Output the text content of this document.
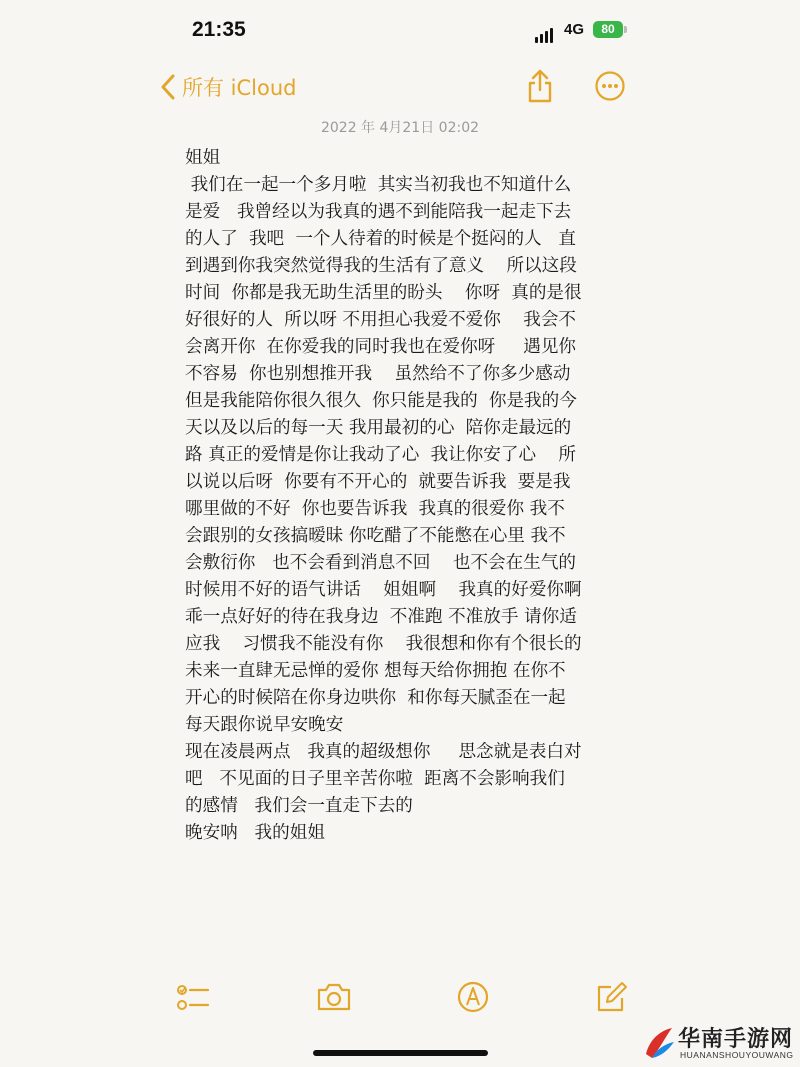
21:35	4G	80
所有 iCloud
2022 年 4月21日 02:02
姐姐
我们在一起一个多月啦  其实当初我也不知道什么
是爱   我曾经以为我真的遇不到能陪我一起走下去
的人了  我吧  一个人待着的时候是个挺闷的人   直
到遇到你我突然觉得我的生活有了意义    所以这段
时间  你都是我无助生活里的盼头    你呀  真的是很
好很好的人  所以呀 不用担心我爱不爱你    我会不
会离开你  在你爱我的同时我也在爱你呀     遇见你
不容易  你也别想推开我    虽然给不了你多少感动
但是我能陪你很久很久  你只能是我的  你是我的今
天以及以后的每一天 我用最初的心  陪你走最远的
路 真正的爱情是你让我动了心  我让你安了心    所
以说以后呀  你要有不开心的  就要告诉我  要是我
哪里做的不好  你也要告诉我  我真的很爱你 我不
会跟别的女孩搞暧昧 你吃醋了不能憋在心里 我不
会敷衍你   也不会看到消息不回    也不会在生气的
时候用不好的语气讲话    姐姐啊    我真的好爱你啊
乖一点好好的待在我身边  不准跑 不准放手 请你适
应我    习惯我不能没有你    我很想和你有个很长的
未来一直肆无忌惮的爱你 想每天给你拥抱 在你不
开心的时候陪在你身边哄你  和你每天腻歪在一起
每天跟你说早安晚安
现在凌晨两点   我真的超级想你     思念就是表白对
吧   不见面的日子里辛苦你啦  距离不会影响我们
的感情   我们会一直走下去的
晚安呐   我的姐姐
华南手游网
HUANANSHOUYOUWANG
